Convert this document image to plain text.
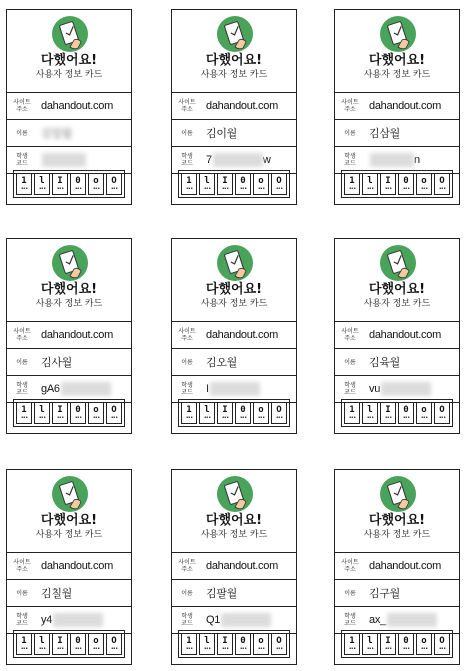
다했어요!
사용자 정보 카드
사이트
주소	dahandout.com
이름	김일월
학생
코드
1
•• •
l
•• •
I
•• •
0
•• •
o
•• •
O
•• •
다했어요!
사용자 정보 카드
사이트
주소	dahandout.com
이름	김이월
학생
코드	7	w
1
•• •
l
•• •
I
•• •
0
•• •
o
•• •
O
•• •
다했어요!
사용자 정보 카드
사이트
주소	dahandout.com
이름	김삼월
학생
코드	n
1
•• •
l
•• •
I
•• •
0
•• •
o
•• •
O
•• •
다했어요!
사용자 정보 카드
사이트
주소	dahandout.com
이름	김사월
학생
코드	gA6
1
•• •
l
•• •
I
•• •
0
•• •
o
•• •
O
•• •
다했어요!
사용자 정보 카드
사이트
주소	dahandout.com
이름	김오월
학생
코드	I
1
•• •
l
•• •
I
•• •
0
•• •
o
•• •
O
•• •
다했어요!
사용자 정보 카드
사이트
주소	dahandout.com
이름	김육월
학생
코드	vu
1
•• •
l
•• •
I
•• •
0
•• •
o
•• •
O
•• •
다했어요!
사용자 정보 카드
사이트
주소	dahandout.com
이름	김칠월
학생
코드	y4
1
•• •
l
•• •
I
•• •
0
•• •
o
•• •
O
•• •
다했어요!
사용자 정보 카드
사이트
주소	dahandout.com
이름	김팔월
학생
코드	Q1
1
•• •
l
•• •
I
•• •
0
•• •
o
•• •
O
•• •
다했어요!
사용자 정보 카드
사이트
주소	dahandout.com
이름	김구월
학생
코드	ax_
1
•• •
l
•• •
I
•• •
0
•• •
o
•• •
O
•• •
